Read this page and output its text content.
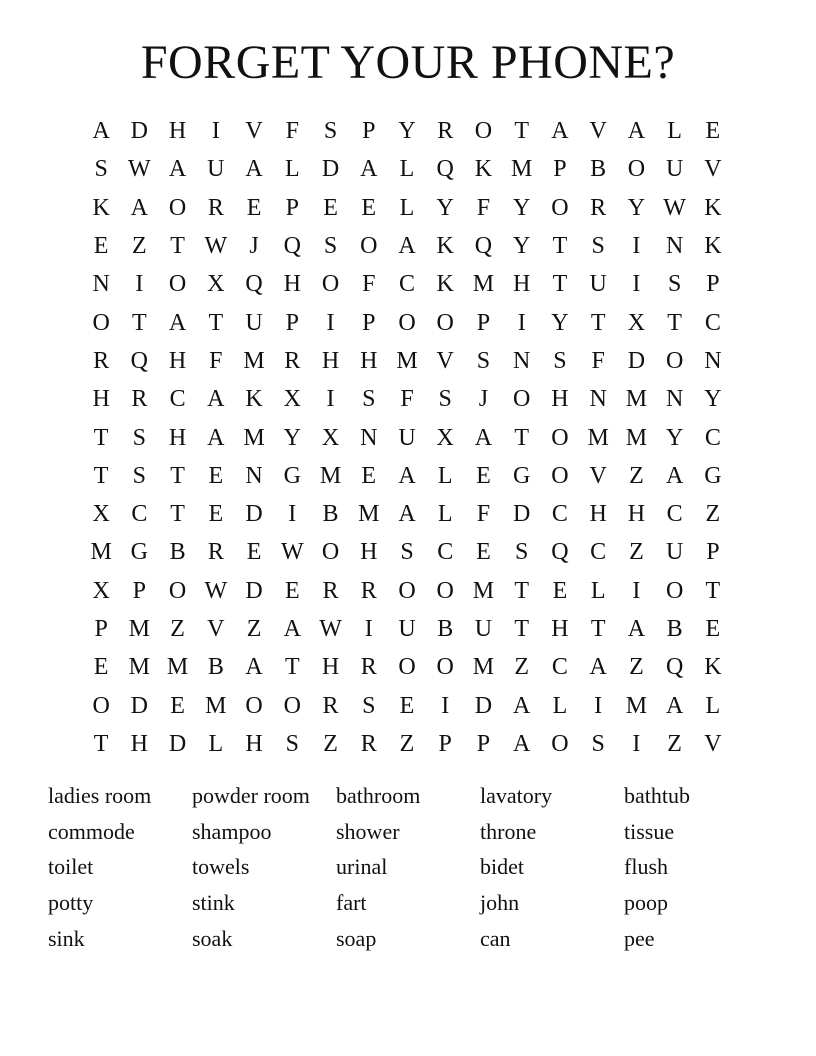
FORGET YOUR PHONE?
A D H	I	V F	S	P Y R O T A V A L E
S W A U A L D A L Q K M P B O U V
K A O R E	P	E E L Y F Y O R Y W K
E Z T W J	Q S O A K Q Y T	S	I	N K
N	I	O X Q H O F C K M H T U	I	S	P
O T A T U P	I	P O O P	I	Y T X T C
R Q H F M R H H M V S N S	F D O N
H R C A K X	I	S	F	S	J	O H N M N Y
T	S H A M Y X N U X A T O M M Y C
T	S	T E N G M E A L E G O V Z A G
X C T E D	I	B M A L	F D C H H C Z
M G B R E W O H S C E	S Q C Z U P
X P O W D E R R O O M T E L	I	O T
P M Z V Z A W I	U B U T H T A B E
E M M B A T H R O O M Z C A Z Q K
O D E M O O R S	E	I	D A L	I M A L
T H D L H S	Z R Z	P	P A O S	I	Z V
ladies room	powder room	bathroom	lavatory	bathtub
commode	shampoo	shower	throne	tissue
toilet	towels	urinal	bidet	flush
potty	stink	fart	john	poop
sink	soak	soap	can	pee
